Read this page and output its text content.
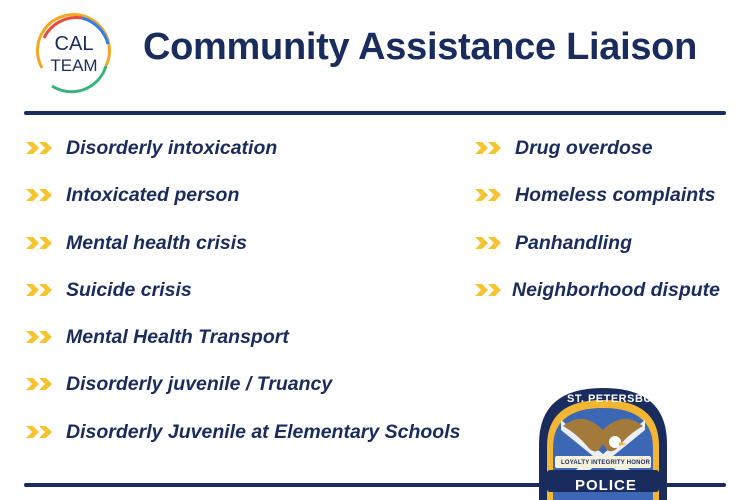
CAL
TEAM Community Assistance Liaison
Disorderly intoxication
Intoxicated person
Mental health crisis
Suicide crisis
Mental Health Transport
Disorderly juvenile / Truancy
Disorderly Juvenile at Elementary Schools
Drug overdose
Homeless complaints
Panhandling
Neighborhood dispute
ST. PETERSBURG
LOYALTY INTEGRITY HONOR
POLICE
